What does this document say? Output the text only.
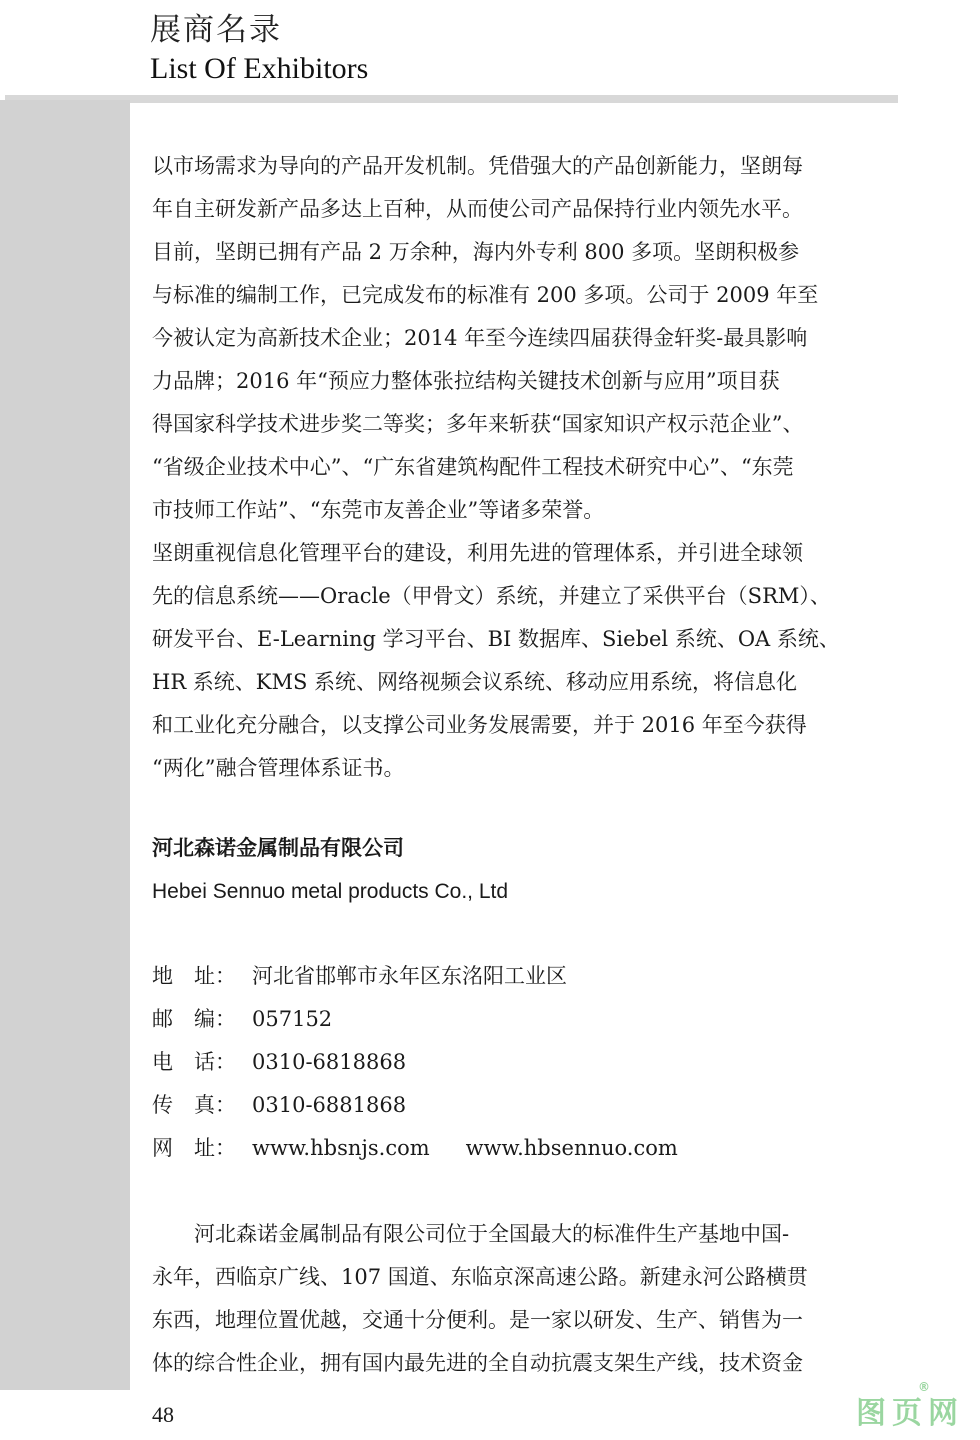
展商名录
List Of Exhibitors

以市场需求为导向的产品开发机制。凭借强大的产品创新能力，坚朗每

年自主研发新产品多达上百种，从而使公司产品保持行业内领先水平。

目前，坚朗已拥有产品 2 万余种，海内外专利 800 多项。坚朗积极参

与标准的编制工作，已完成发布的标准有 200 多项。公司于 2009 年至

今被认定为高新技术企业；2014 年至今连续四届获得金轩奖-最具影响

力品牌；2016 年“预应力整体张拉结构关键技术创新与应用”项目获

得国家科学技术进步奖二等奖；多年来斩获“国家知识产权示范企业”、

“省级企业技术中心”、“广东省建筑构配件工程技术研究中心”、“东莞

市技师工作站”、“东莞市友善企业”等诸多荣誉。

坚朗重视信息化管理平台的建设，利用先进的管理体系，并引进全球领

先的信息系统——Oracle（甲骨文）系统，并建立了采供平台（SRM）、

研发平台、E-Learning 学习平台、BI 数据库、Siebel 系统、OA 系统、

HR 系统、KMS 系统、网络视频会议系统、移动应用系统，将信息化

和工业化充分融合，以支撑公司业务发展需要，并于 2016 年至今获得

“两化”融合管理体系证书。

河北森诺金属制品有限公司
Hebei Sennuo metal products Co., Ltd
地　址： 河北省邯郸市永年区东洺阳工业区
邮　编： 057152
电　话： 0310-6818868
传　真： 0310-6881868
网　址： www.hbsnjs.com www.hbsennuo.com

　　河北森诺金属制品有限公司位于全国最大的标准件生产基地中国-

永年，西临京广线、107 国道、东临京深高速公路。新建永河公路横贯

东西，地理位置优越，交通十分便利。是一家以研发、生产、销售为一

体的综合性企业，拥有国内最先进的全自动抗震支架生产线，技术资金

48	图页网
®
